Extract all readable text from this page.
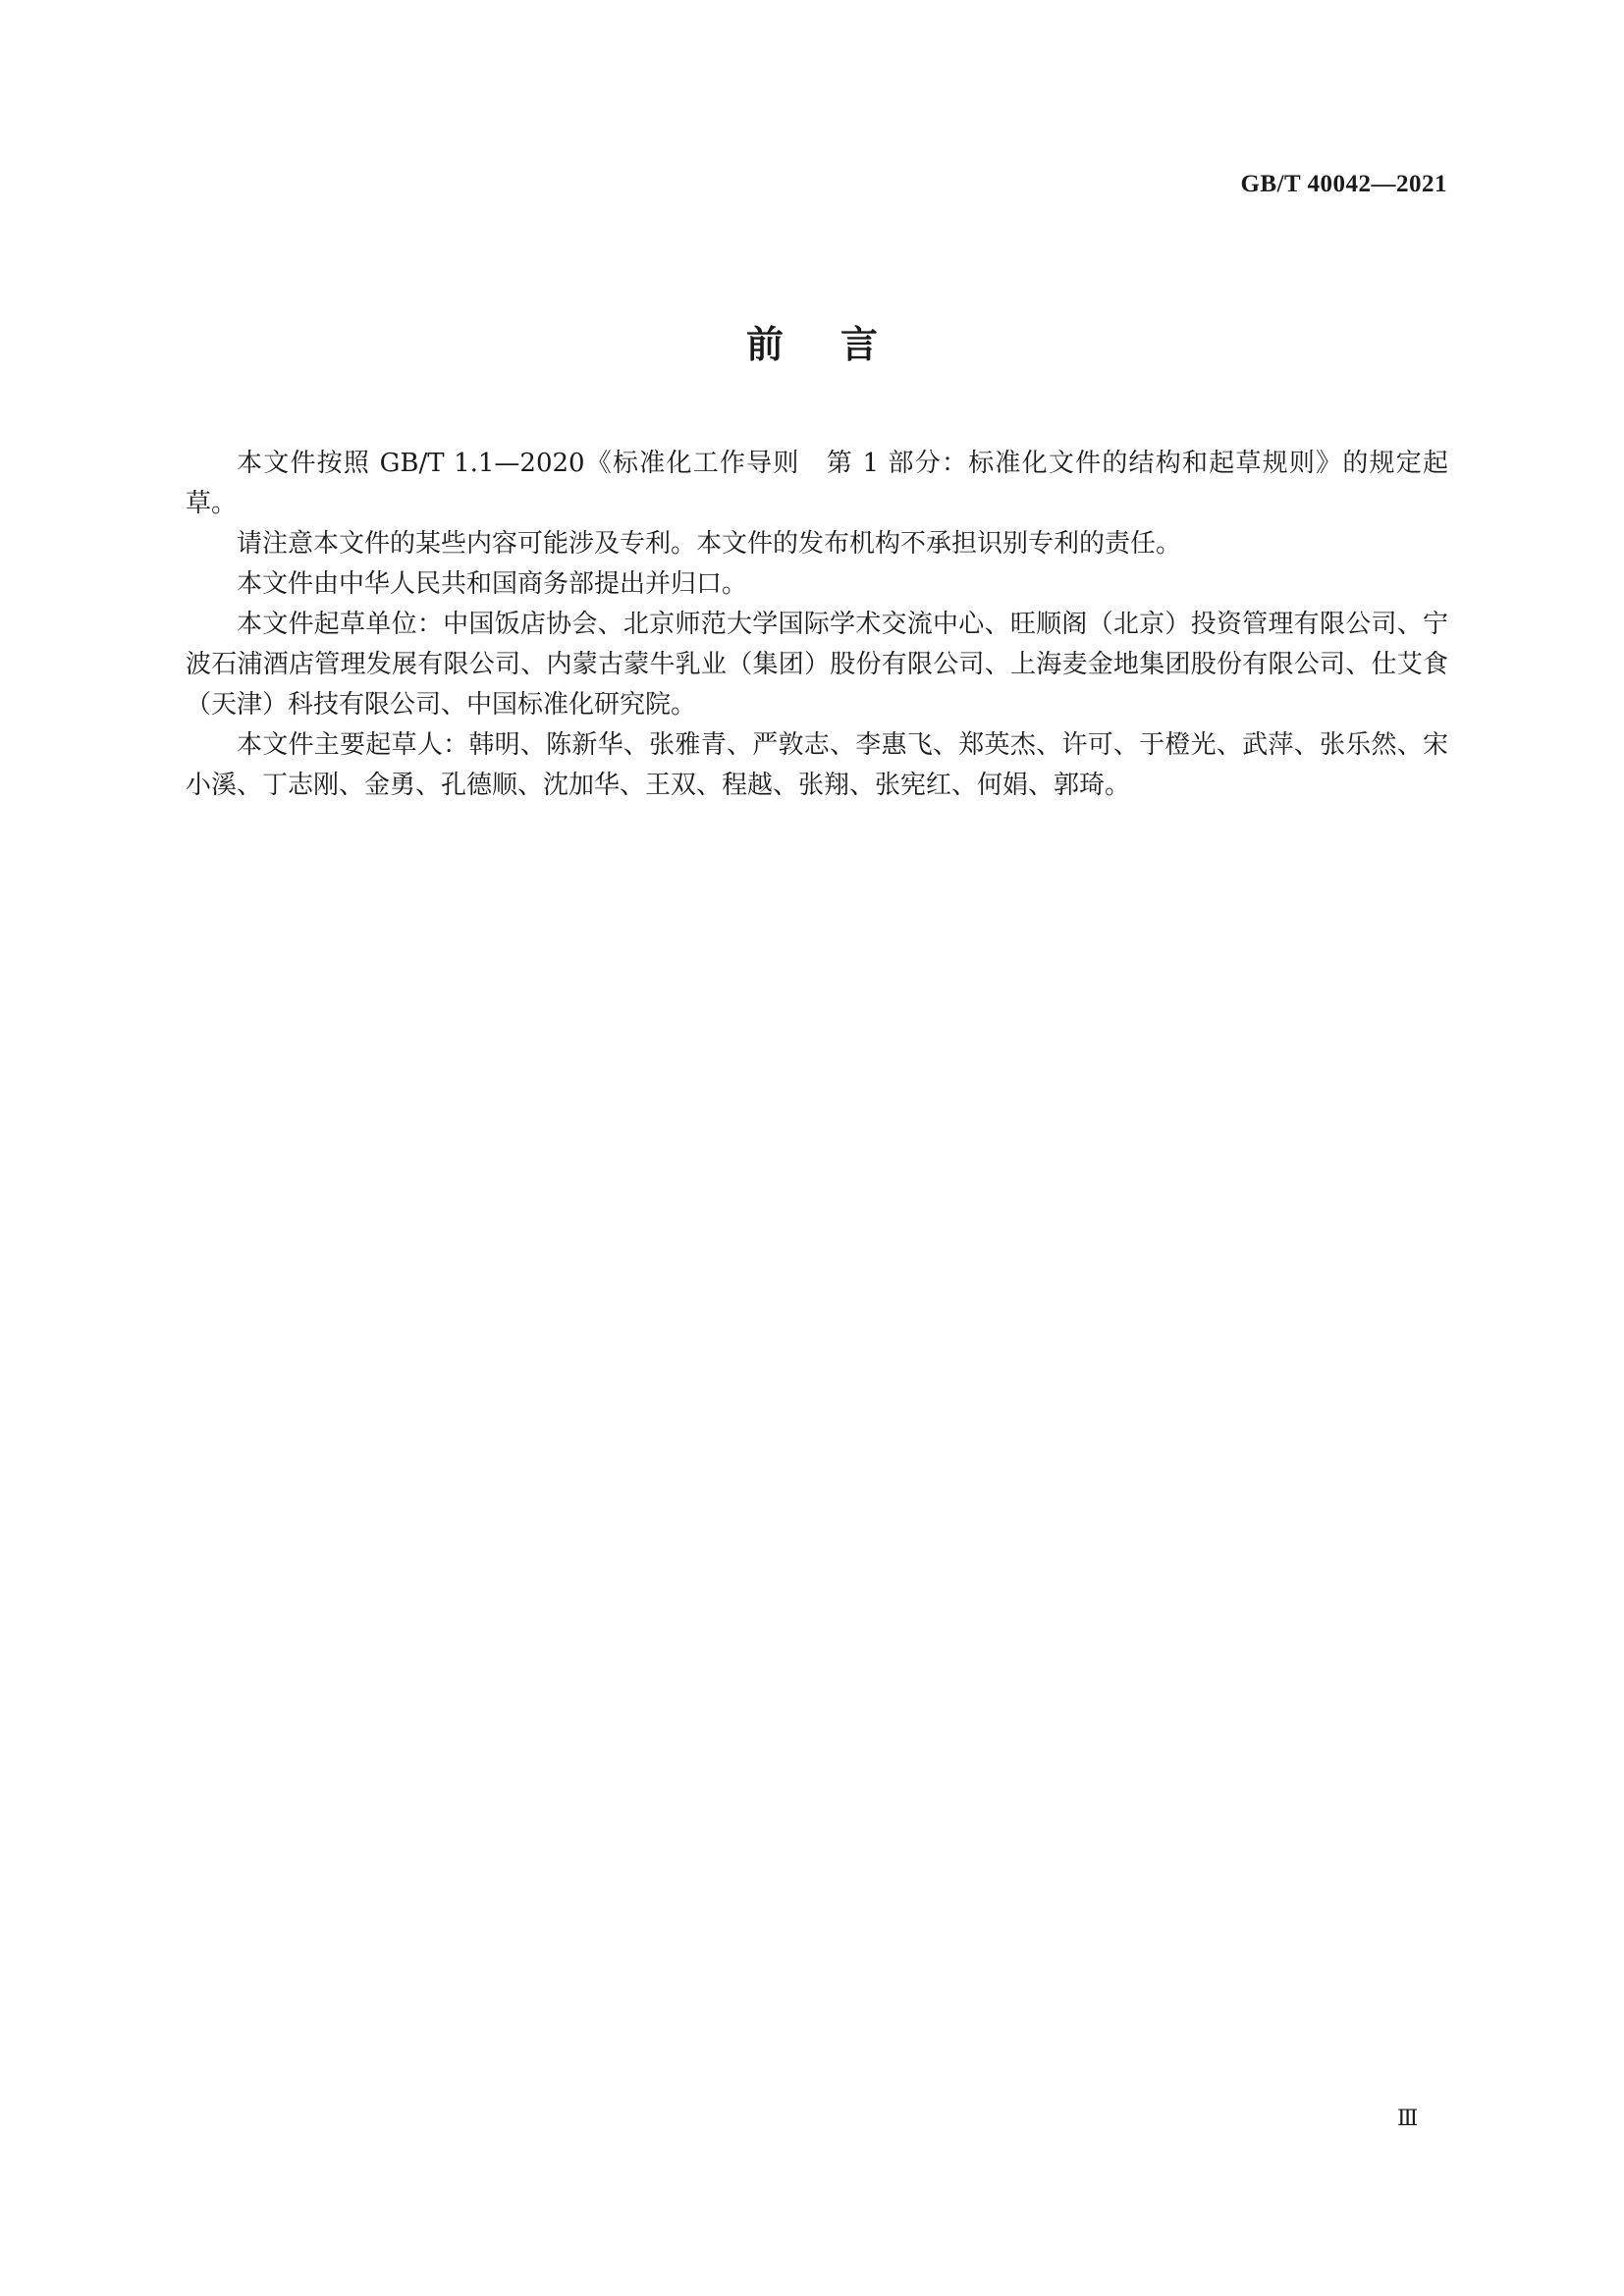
GB/T 40042—2021
前言

本文件按照 GB/T 1.1—2020《标准化工作导则　第 1 部分：标准化文件的结构和起草规则》的规定起草。

请注意本文件的某些内容可能涉及专利。本文件的发布机构不承担识别专利的责任。

本文件由中华人民共和国商务部提出并归口。

本文件起草单位：中国饭店协会、北京师范大学国际学术交流中心、旺顺阁（北京）投资管理有限公司、宁波石浦酒店管理发展有限公司、内蒙古蒙牛乳业（集团）股份有限公司、上海麦金地集团股份有限公司、仕艾食（天津）科技有限公司、中国标准化研究院。

本文件主要起草人：韩明、陈新华、张雅青、严敦志、李惠飞、郑英杰、许可、于橙光、武萍、张乐然、宋小溪、丁志刚、金勇、孔德顺、沈加华、王双、程越、张翔、张宪红、何娟、郭琦。

Ⅲ
